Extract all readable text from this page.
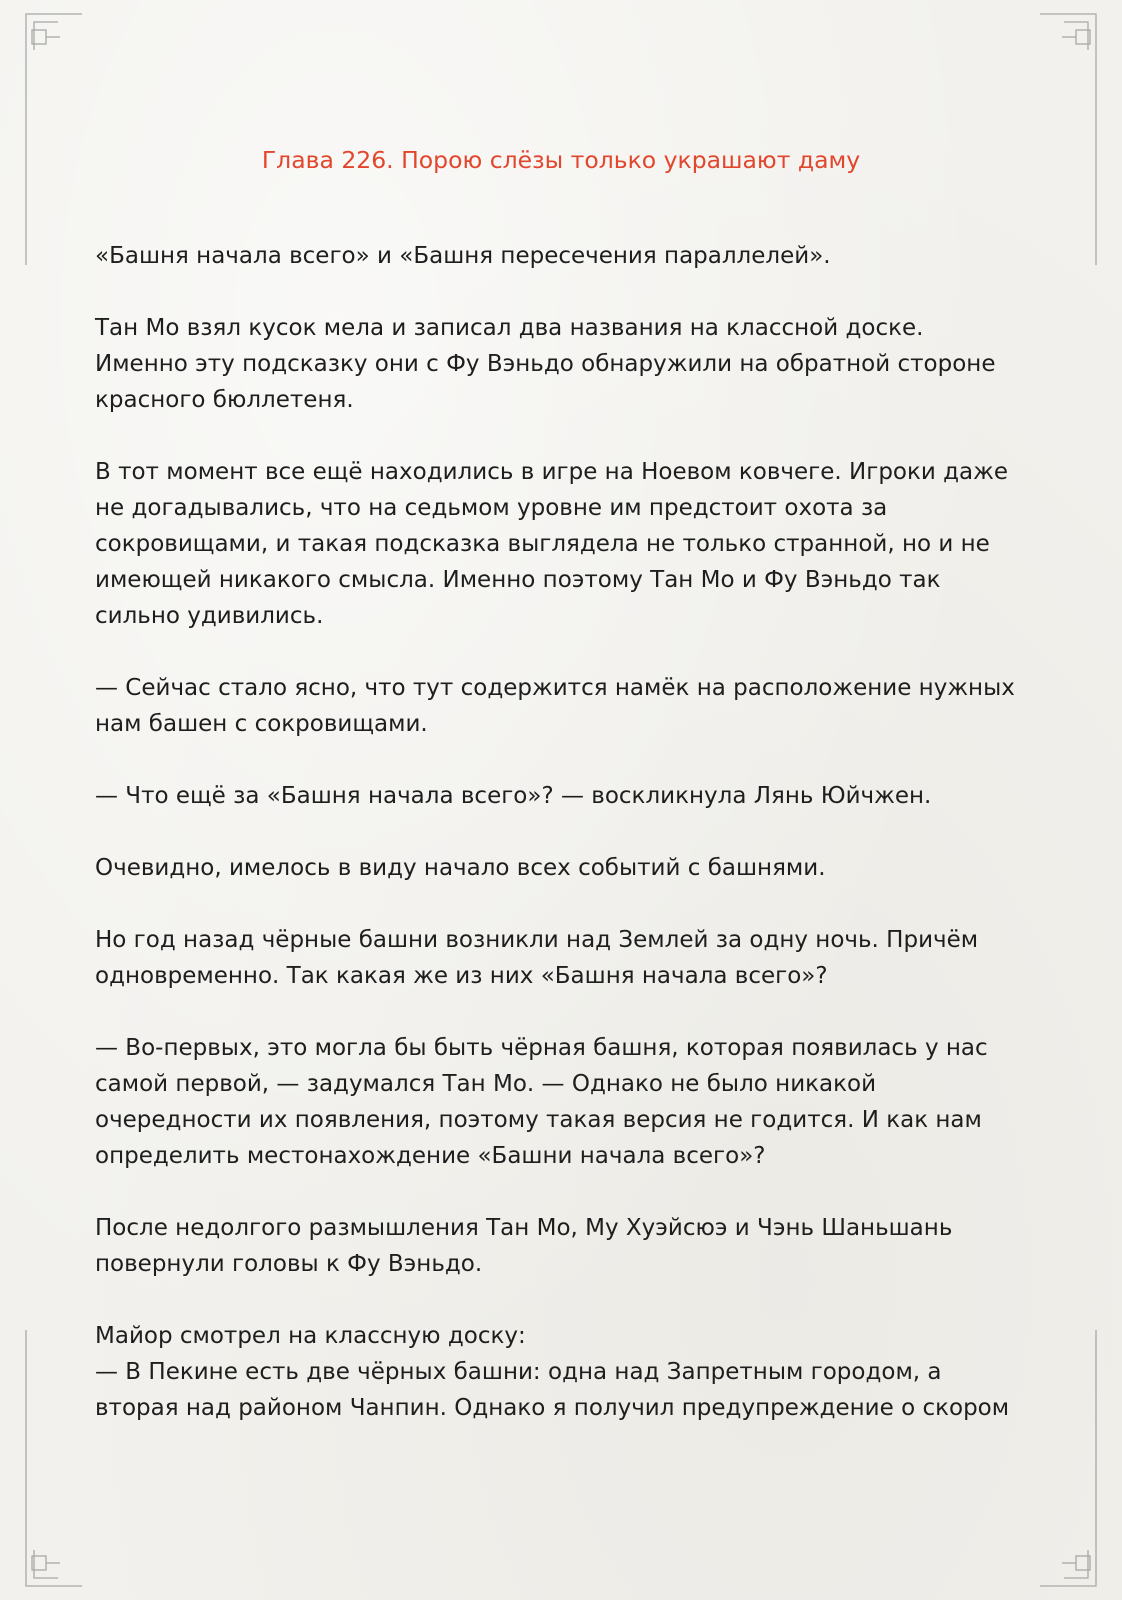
Глава 226. Порою слёзы только украшают даму

«Башня начала всего» и «Башня пересечения параллелей».

Тан Мо взял кусок мела и записал два названия на классной доске.
Именно эту подсказку они с Фу Вэньдо обнаружили на обратной стороне
красного бюллетеня.

В тот момент все ещё находились в игре на Ноевом ковчеге. Игроки даже
не догадывались, что на седьмом уровне им предстоит охота за
сокровищами, и такая подсказка выглядела не только странной, но и не
имеющей никакого смысла. Именно поэтому Тан Мо и Фу Вэньдо так
сильно удивились.

— Сейчас стало ясно, что тут содержится намёк на расположение нужных
нам башен с сокровищами.

— Что ещё за «Башня начала всего»? — воскликнула Лянь Юйчжен.

Очевидно, имелось в виду начало всех событий с башнями.

Но год назад чёрные башни возникли над Землей за одну ночь. Причём
одновременно. Так какая же из них «Башня начала всего»?

— Во-первых, это могла бы быть чёрная башня, которая появилась у нас
самой первой, — задумался Тан Мо. — Однако не было никакой
очередности их появления, поэтому такая версия не годится. И как нам
определить местонахождение «Башни начала всего»?

После недолгого размышления Тан Мо, Му Хуэйсюэ и Чэнь Шаньшань
повернули головы к Фу Вэньдо.

Майор смотрел на классную доску:
— В Пекине есть две чёрных башни: одна над Запретным городом, а
вторая над районом Чанпин. Однако я получил предупреждение о скором
